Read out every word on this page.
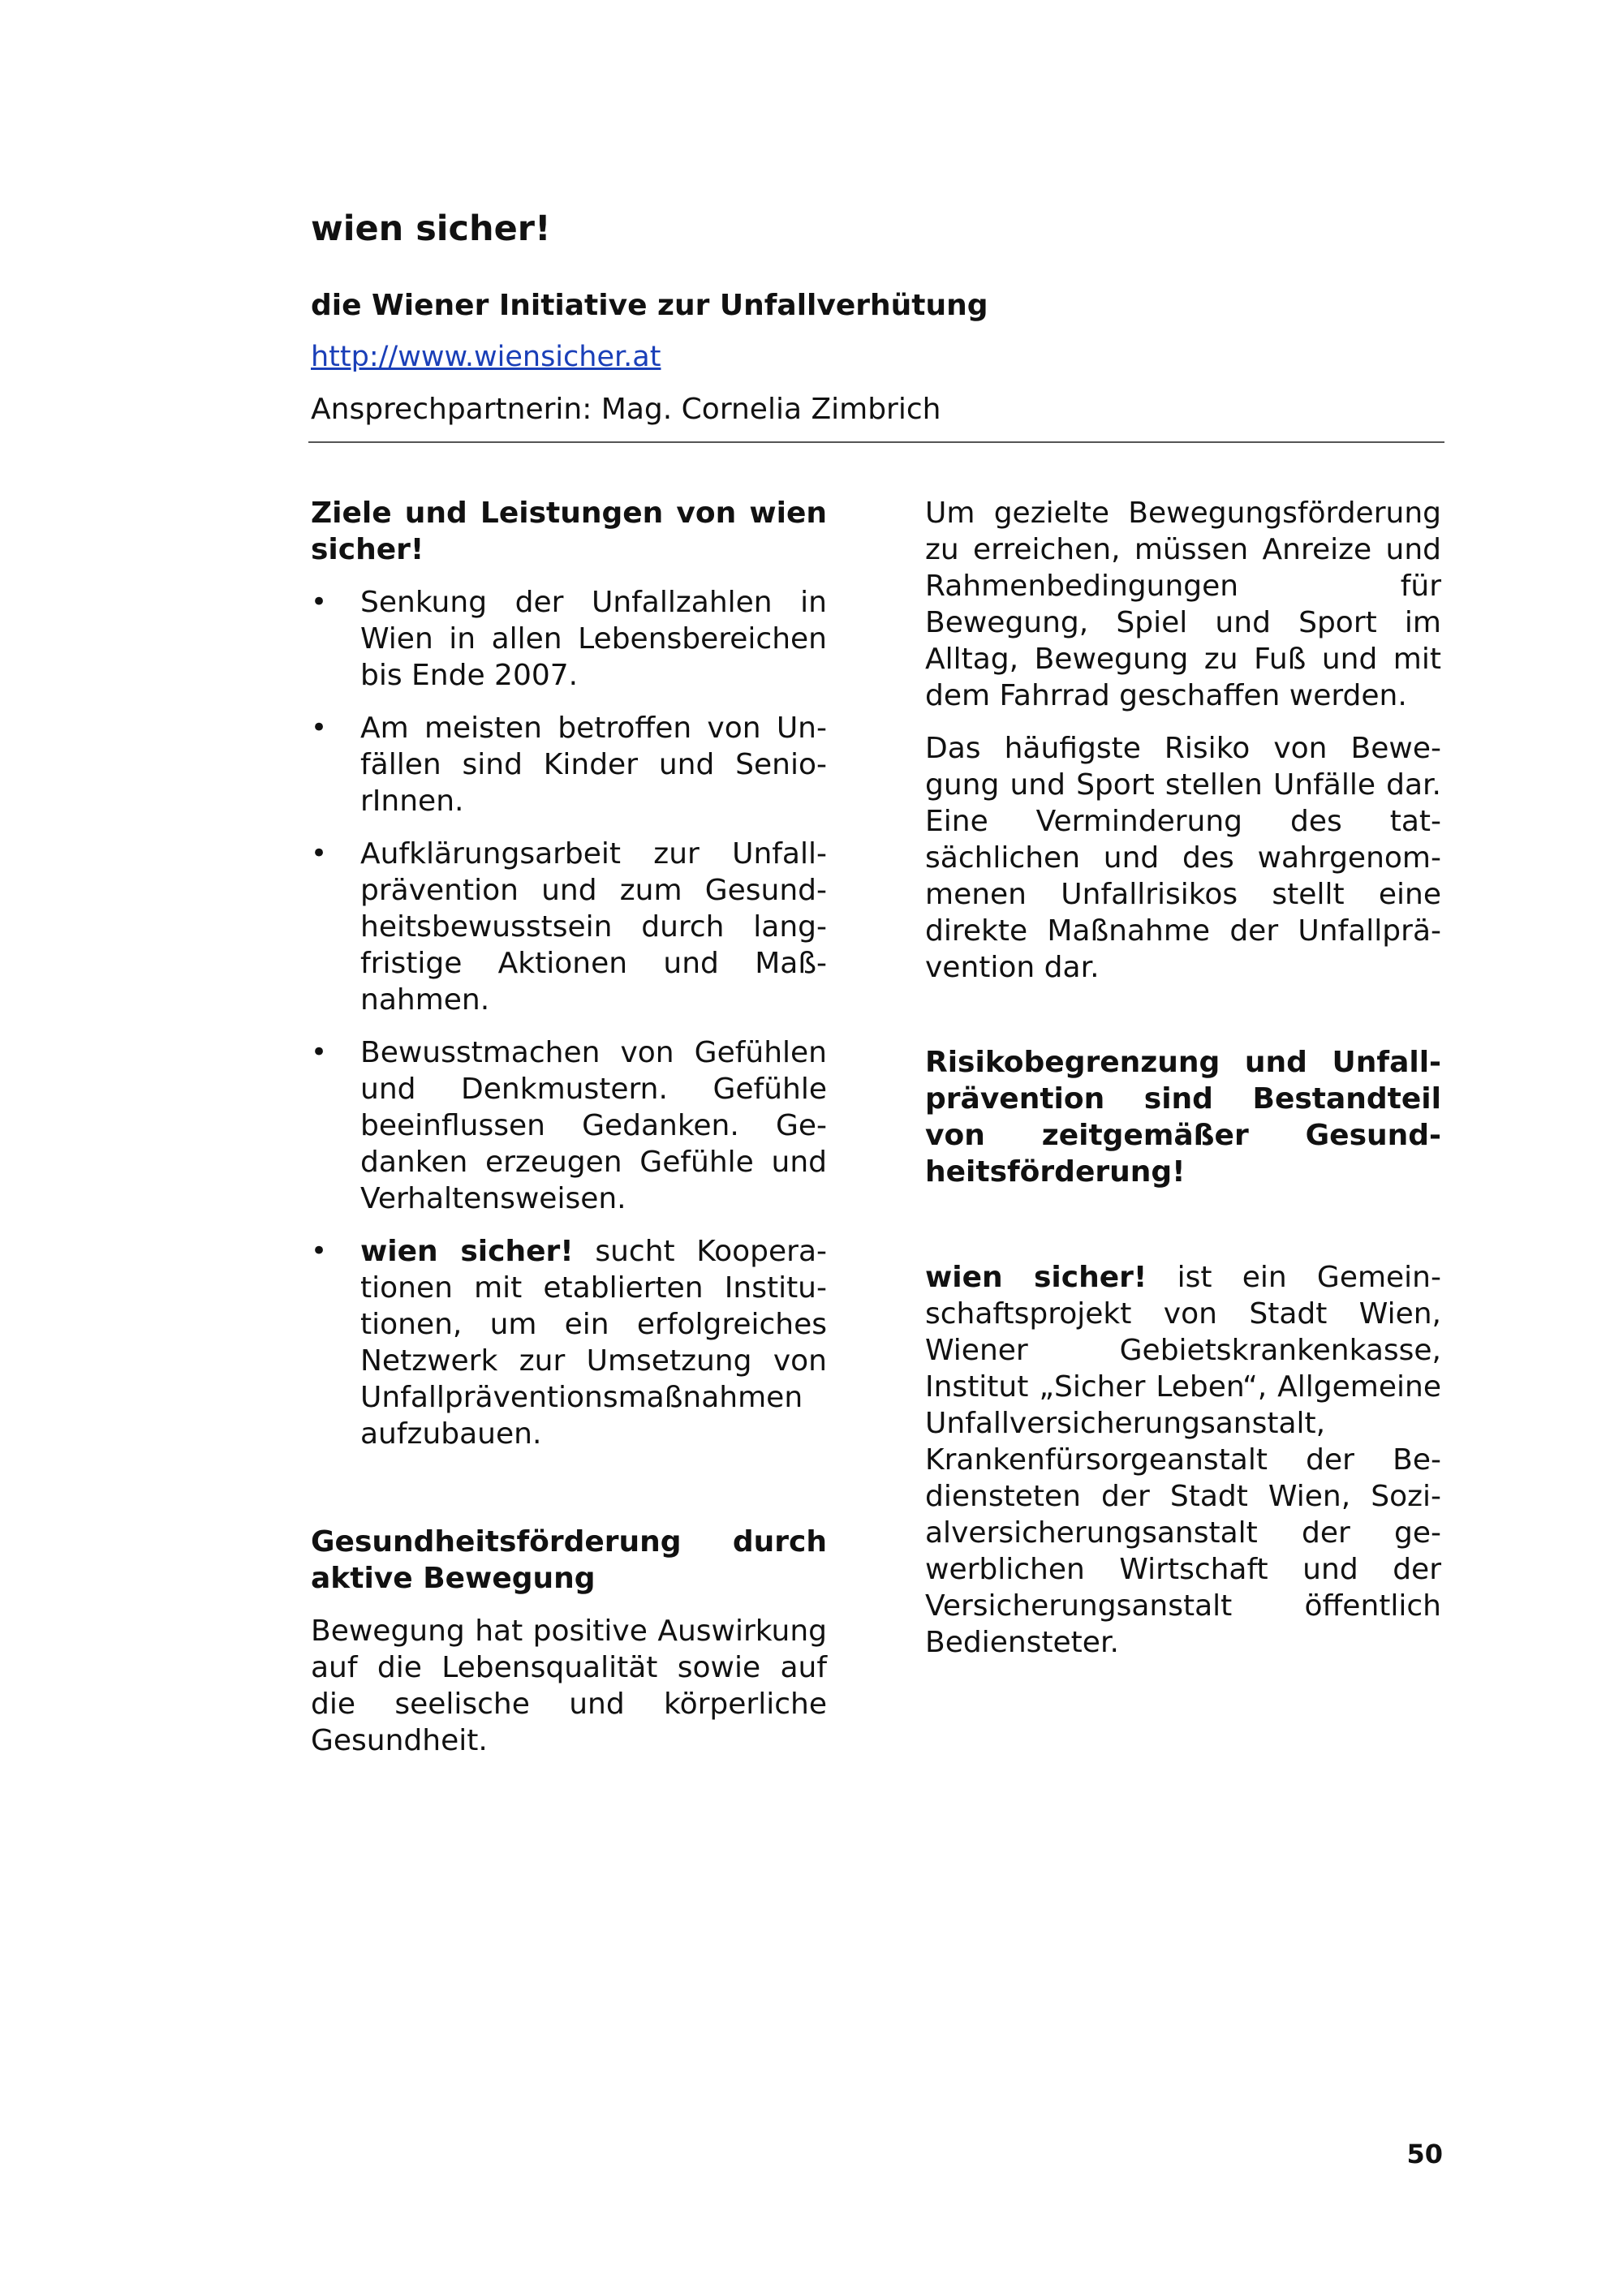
wien sicher!
die Wiener Initiative zur Unfallverhütung
http://www.wiensicher.at
Ansprechpartnerin: Mag. Cornelia Zimbrich
Ziele und Leistungen von wien sicher!
• Senkung der Unfallzahlen in Wien in allen Lebensbereichen bis Ende 2007.
• Am meisten betroffen von Unfällen sind Kinder und SeniorInnen.
• Aufklärungsarbeit zur Unfallprävention und zum Gesundheitsbewusstsein durch langfristige Aktionen und Maßnahmen.
• Bewusstmachen von Gefühlen und Denkmustern. Gefühle beeinflussen Gedanken. Gedanken erzeugen Gefühle und Verhaltensweisen.
• wien sicher! sucht Kooperationen mit etablierten Institutionen, um ein erfolgreiches Netzwerk zur Umsetzung von Unfallpräventionsmaßnahmen aufzubauen.
Gesundheitsförderung durch aktive Bewegung

Bewegung hat positive Auswirkung auf die Lebensqualität sowie auf die seelische und körperliche Gesundheit.

Um gezielte Bewegungsförderung zu erreichen, müssen Anreize und Rahmenbedingungen für Bewegung, Spiel und Sport im Alltag, Bewegung zu Fuß und mit dem Fahrrad geschaffen werden.

Das häufigste Risiko von Bewegung und Sport stellen Unfälle dar. Eine Verminderung des tatsächlichen und des wahrgenommenen Unfallrisikos stellt eine direkte Maßnahme der Unfallprävention dar.

Risikobegrenzung und Unfallprävention sind Bestandteil von zeitgemäßer Gesundheitsförderung!

wien sicher! ist ein Gemeinschaftsprojekt von Stadt Wien, Wiener Gebietskrankenkasse, Institut „Sicher Leben“, Allgemeine Unfallversicherungsanstalt, Krankenfürsorgeanstalt der Bediensteten der Stadt Wien, Sozialversicherungsanstalt der gewerblichen Wirtschaft und der Versicherungsanstalt öffentlich Bediensteter.

50
